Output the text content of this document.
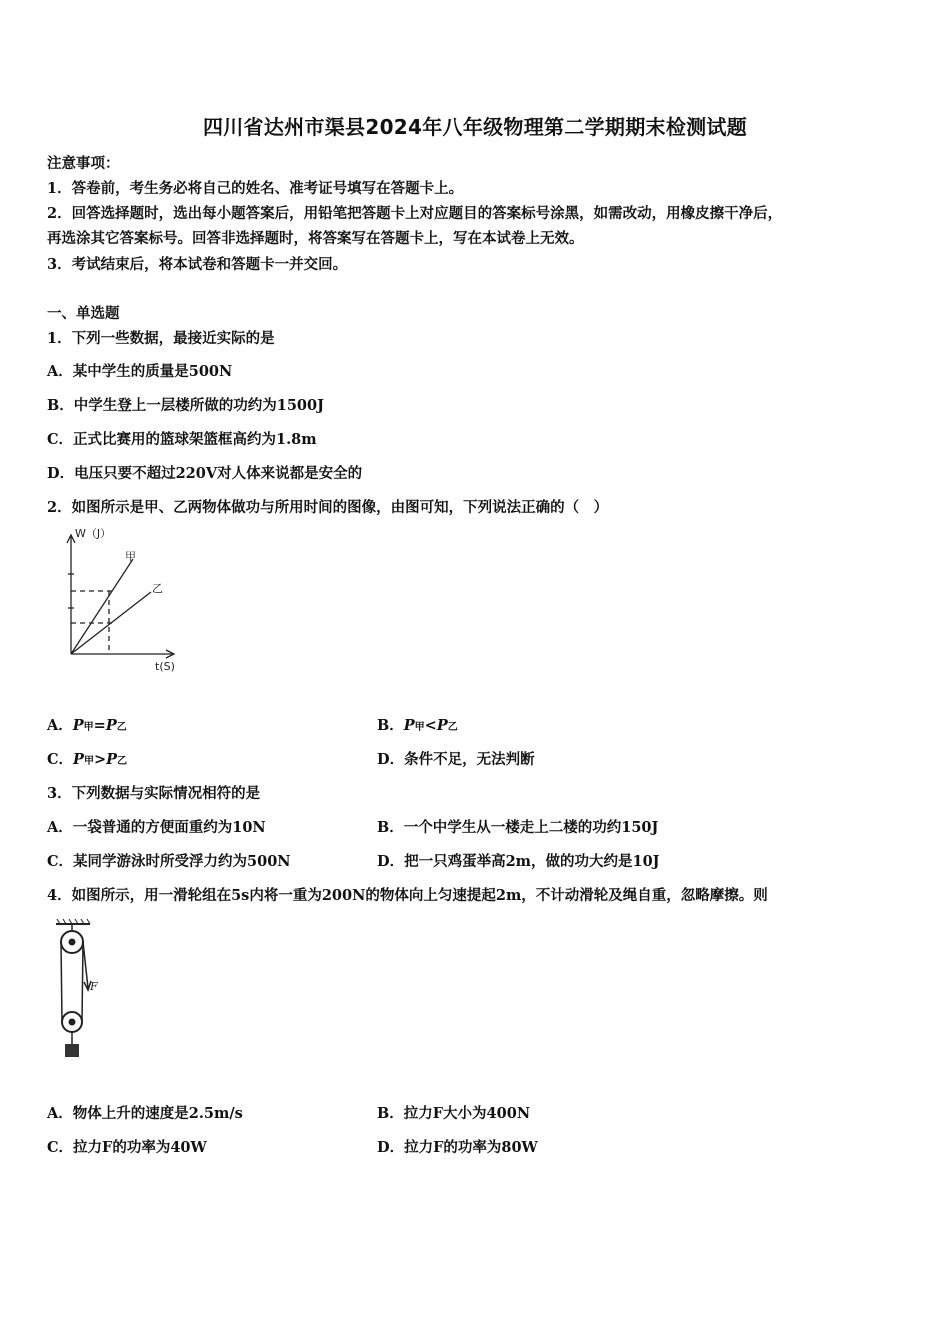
四川省达州市渠县2024年八年级物理第二学期期末检测试题
注意事项：
1．答卷前，考生务必将自己的姓名、准考证号填写在答题卡上。
2．回答选择题时，选出每小题答案后，用铅笔把答题卡上对应题目的答案标号涂黑，如需改动，用橡皮擦干净后，
再选涂其它答案标号。回答非选择题时，将答案写在答题卡上，写在本试卷上无效。
3．考试结束后，将本试卷和答题卡一并交回。
一、单选题
1．下列一些数据，最接近实际的是
A．某中学生的质量是500N
B．中学生登上一层楼所做的功约为1500J
C．正式比赛用的篮球架篮框高约为1.8m
D．电压只要不超过220V对人体来说都是安全的
2．如图所示是甲、乙两物体做功与所用时间的图像，由图可知，下列说法正确的（　）
W（J）
t(S)
甲
乙
A．P甲=P乙	B．P甲<P乙
C．P甲>P乙	D．条件不足，无法判断
3．下列数据与实际情况相符的是
A．一袋普通的方便面重约为10N	B．一个中学生从一楼走上二楼的功约150J
C．某同学游泳时所受浮力约为500N	D．把一只鸡蛋举高2m，做的功大约是10J
4．如图所示，用一滑轮组在5s内将一重为200N的物体向上匀速提起2m，不计动滑轮及绳自重，忽略摩擦。则
F
A．物体上升的速度是2.5m/s	B．拉力F大小为400N
C．拉力F的功率为40W	D．拉力F的功率为80W
